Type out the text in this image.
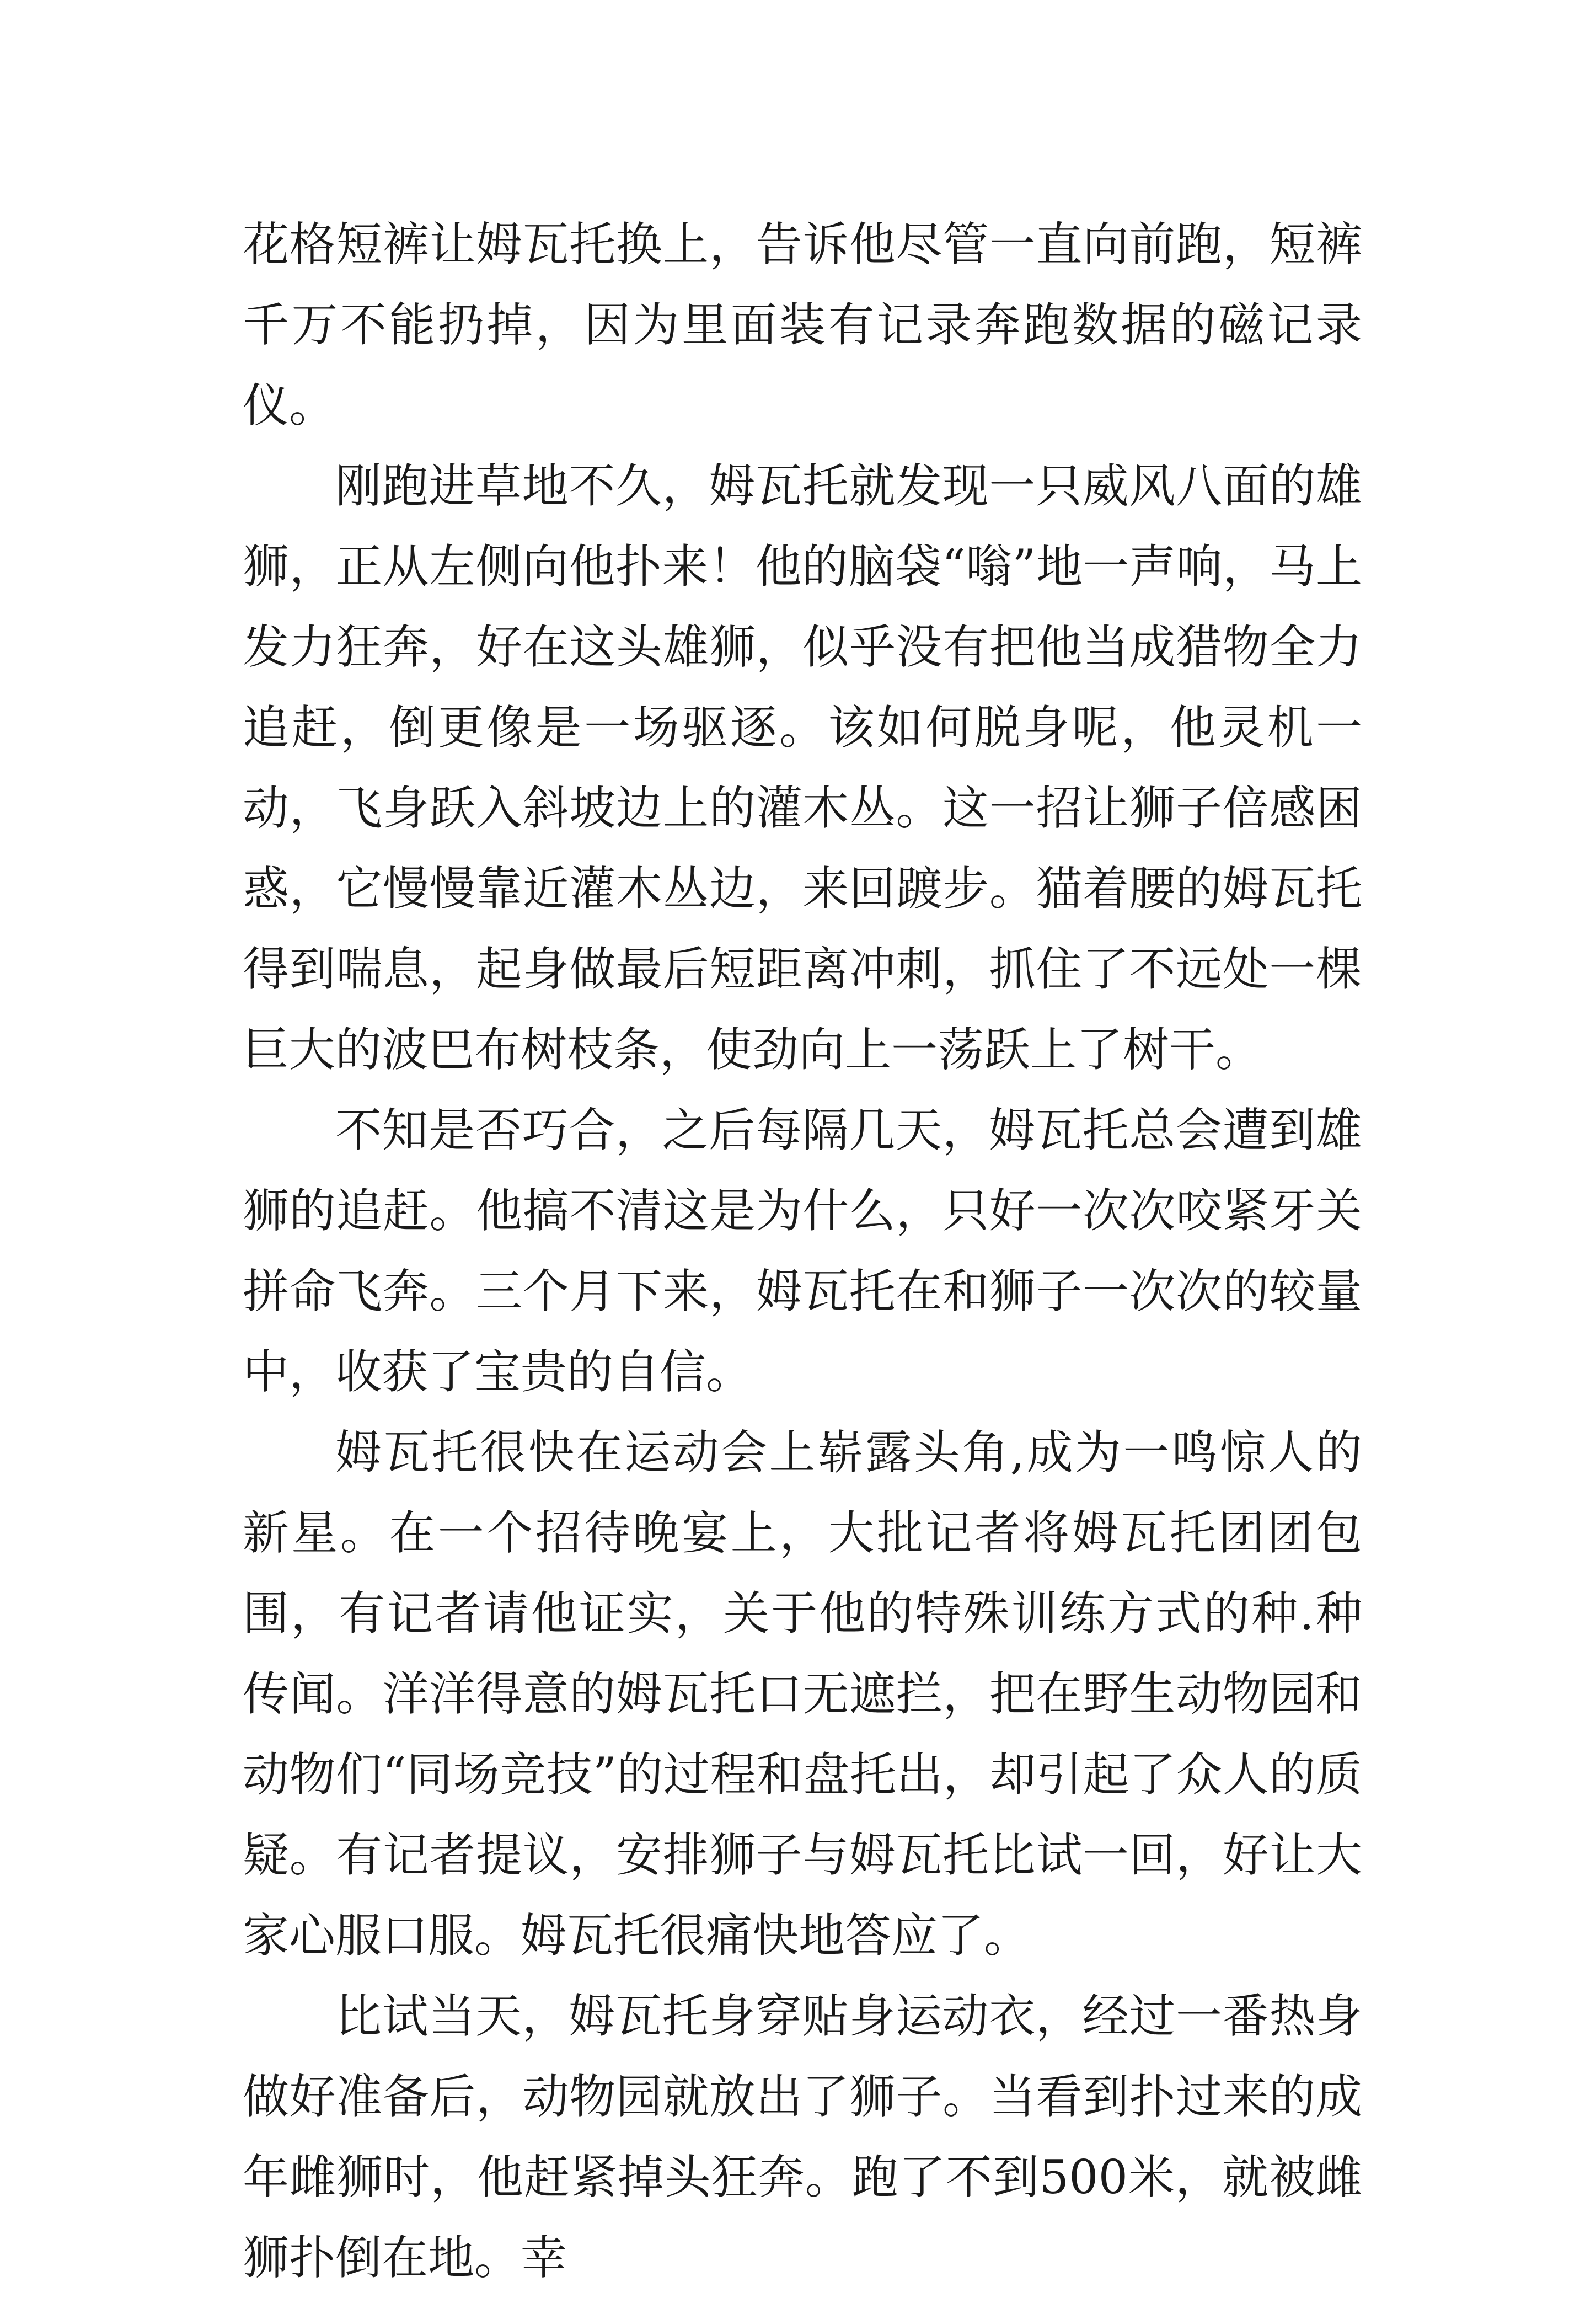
花格短裤让姆瓦托换上，告诉他尽管一直向前跑，短裤千万不能扔掉，因为里面装有记录奔跑数据的磁记录仪。

刚跑进草地不久，姆瓦托就发现一只威风八面的雄狮，正从左侧向他扑来！他的脑袋“嗡”地一声响，马上发力狂奔，好在这头雄狮，似乎没有把他当成猎物全力追赶，倒更像是一场驱逐。该如何脱身呢，他灵机一动，飞身跃入斜坡边上的灌木丛。这一招让狮子倍感困惑，它慢慢靠近灌木丛边，来回踱步。猫着腰的姆瓦托得到喘息，起身做最后短距离冲刺，抓住了不远处一棵巨大的波巴布树枝条，使劲向上一荡跃上了树干。

不知是否巧合，之后每隔几天，姆瓦托总会遭到雄狮的追赶。他搞不清这是为什么，只好一次次咬紧牙关拼命飞奔。三个月下来，姆瓦托在和狮子一次次的较量中，收获了宝贵的自信。

姆瓦托很快在运动会上崭露头角,成为一鸣惊人的新星。在一个招待晚宴上，大批记者将姆瓦托团团包围，有记者请他证实，关于他的特殊训练方式的种.种传闻。洋洋得意的姆瓦托口无遮拦，把在野生动物园和动物们“同场竞技”的过程和盘托出，却引起了众人的质疑。有记者提议，安排狮子与姆瓦托比试一回，好让大家心服口服。姆瓦托很痛快地答应了。

比试当天，姆瓦托身穿贴身运动衣，经过一番热身做好准备后，动物园就放出了狮子。当看到扑过来的成年雌狮时，他赶紧掉头狂奔。跑了不到500米，就被雌狮扑倒在地。幸
